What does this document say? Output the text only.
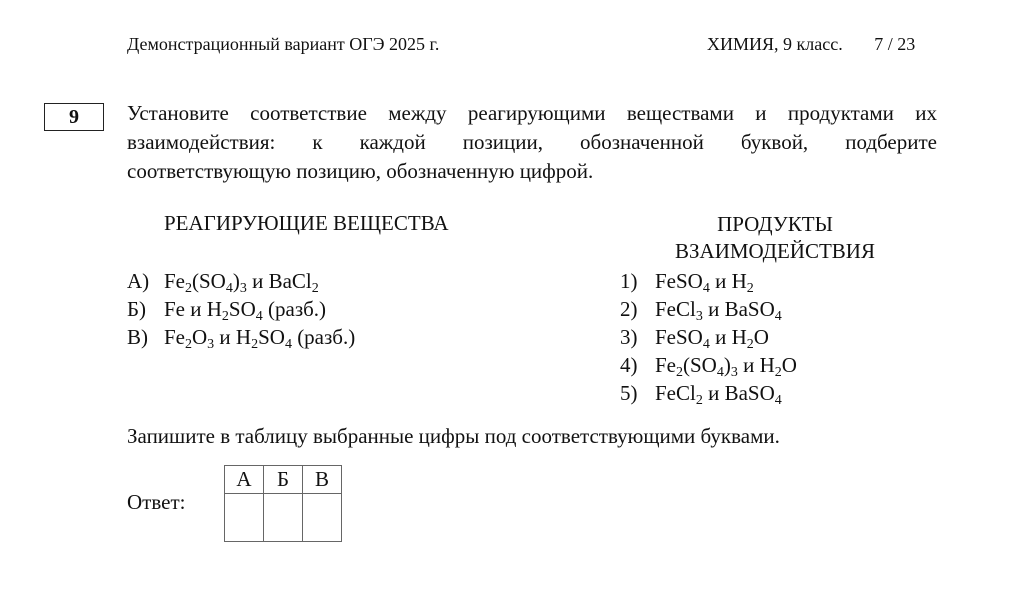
Демонстрационный вариант ОГЭ 2025 г.	ХИМИЯ, 9 класс. 7 / 23
9	Установите соответствие между реагирующими веществами и продуктами их
взаимодействия: к каждой позиции, обозначенной буквой, подберите
соответствующую позицию, обозначенную цифрой.
РЕАГИРУЮЩИЕ ВЕЩЕСТВА	ПРОДУКТЫ
ВЗАИМОДЕЙСТВИЯ
А) $Fe_2(SO_4)_3$ и BaCl$_2$
Б) Fe и $H_2SO_4$ (разб.)
В) $Fe_2O_3$ и $H_2SO_4$ (разб.)
1) FeSO$_4$ и $H_2$
2) FeCl$_3$ и BaSO$_4$
3) FeSO$_4$ и $H_2O$
4) $Fe_2(SO_4)_3$ и $H_2O$
5) FeCl$_2$ и BaSO$_4$
Запишите в таблицу выбранные цифры под соответствующими буквами.
Ответ:
А	Б	В
